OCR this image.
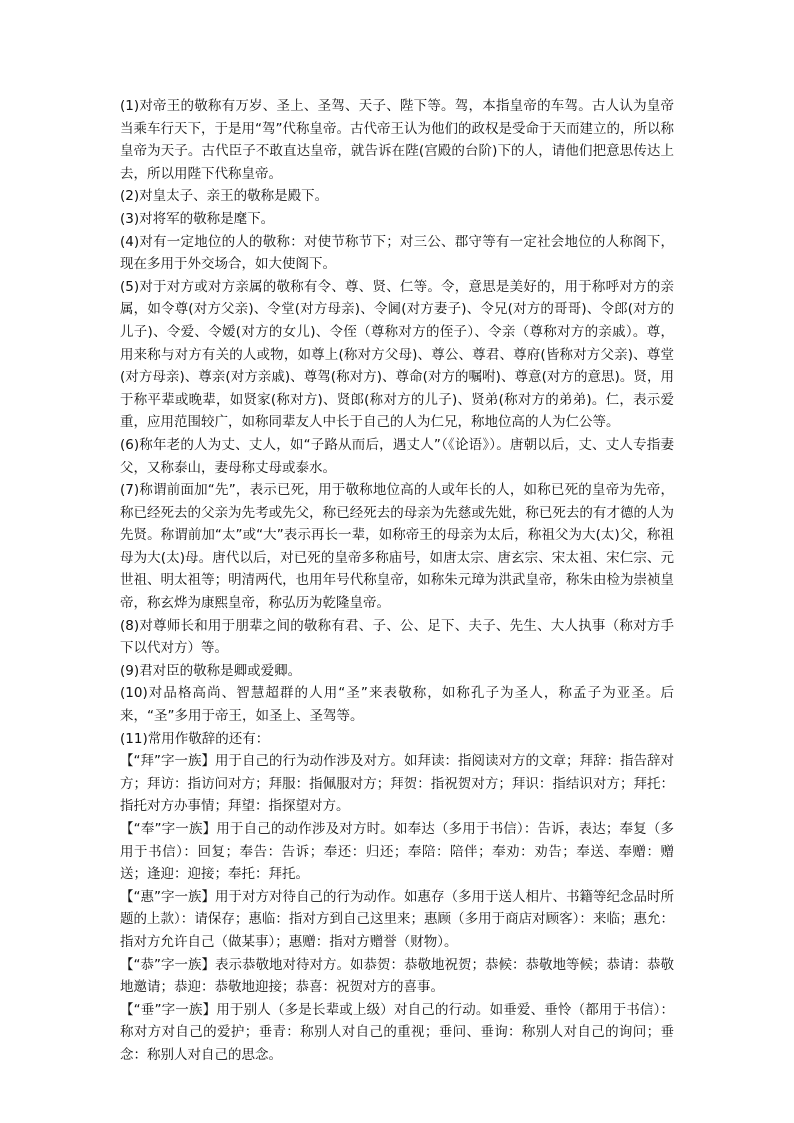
(1)对帝王的敬称有万岁、圣上、圣驾、天子、陛下等。驾，本指皇帝的车驾。古人认为皇帝当乘车行天下，于是用“驾”代称皇帝。古代帝王认为他们的政权是受命于天而建立的，所以称皇帝为天子。古代臣子不敢直达皇帝，就告诉在陛(宫殿的台阶)下的人，请他们把意思传达上去，所以用陛下代称皇帝。

(2)对皇太子、亲王的敬称是殿下。

(3)对将军的敬称是麾下。

(4)对有一定地位的人的敬称：对使节称节下；对三公、郡守等有一定社会地位的人称阁下，现在多用于外交场合，如大使阁下。

(5)对于对方或对方亲属的敬称有令、尊、贤、仁等。令，意思是美好的，用于称呼对方的亲属，如令尊(对方父亲)、令堂(对方母亲)、令阃(对方妻子)、令兄(对方的哥哥)、令郎(对方的儿子)、令爱、令嫒(对方的女儿)、令侄（尊称对方的侄子）、令亲（尊称对方的亲戚）。尊，用来称与对方有关的人或物，如尊上(称对方父母)、尊公、尊君、尊府(皆称对方父亲)、尊堂(对方母亲)、尊亲(对方亲戚)、尊驾(称对方)、尊命(对方的嘱咐)、尊意(对方的意思)。贤，用于称平辈或晚辈，如贤家(称对方)、贤郎(称对方的儿子)、贤弟(称对方的弟弟)。仁，表示爱重，应用范围较广，如称同辈友人中长于自己的人为仁兄，称地位高的人为仁公等。

(6)称年老的人为丈、丈人，如“子路从而后，遇丈人”（《论语》）。唐朝以后，丈、丈人专指妻父，又称泰山，妻母称丈母或泰水。

(7)称谓前面加“先”，表示已死，用于敬称地位高的人或年长的人，如称已死的皇帝为先帝，称已经死去的父亲为先考或先父，称已经死去的母亲为先慈或先妣，称已死去的有才德的人为先贤。称谓前加“太”或“大”表示再长一辈，如称帝王的母亲为太后，称祖父为大(太)父，称祖母为大(太)母。唐代以后，对已死的皇帝多称庙号，如唐太宗、唐玄宗、宋太祖、宋仁宗、元世祖、明太祖等；明清两代，也用年号代称皇帝，如称朱元璋为洪武皇帝，称朱由检为崇祯皇帝，称玄烨为康熙皇帝，称弘历为乾隆皇帝。

(8)对尊师长和用于朋辈之间的敬称有君、子、公、足下、夫子、先生、大人执事（称对方手下以代对方）等。

(9)君对臣的敬称是卿或爱卿。

(10)对品格高尚、智慧超群的人用“圣”来表敬称，如称孔子为圣人，称孟子为亚圣。后来，“圣”多用于帝王，如圣上、圣驾等。

(11)常用作敬辞的还有：

【“拜”字一族】用于自己的行为动作涉及对方。如拜读：指阅读对方的文章；拜辞：指告辞对方；拜访：指访问对方；拜服：指佩服对方；拜贺：指祝贺对方；拜识：指结识对方；拜托：指托对方办事情；拜望：指探望对方。

【“奉”字一族】用于自己的动作涉及对方时。如奉达（多用于书信）：告诉，表达；奉复（多用于书信）：回复；奉告：告诉；奉还：归还；奉陪：陪伴；奉劝：劝告；奉送、奉赠：赠送；逢迎：迎接；奉托：拜托。

【“惠”字一族】用于对方对待自己的行为动作。如惠存（多用于送人相片、书籍等纪念品时所题的上款）：请保存；惠临：指对方到自己这里来；惠顾（多用于商店对顾客）：来临；惠允：指对方允许自己（做某事）；惠赠：指对方赠誉（财物）。

【“恭”字一族】表示恭敬地对待对方。如恭贺：恭敬地祝贺；恭候：恭敬地等候；恭请：恭敬地邀请；恭迎：恭敬地迎接；恭喜：祝贺对方的喜事。

【“垂”字一族】用于别人（多是长辈或上级）对自己的行动。如垂爱、垂怜（都用于书信）：称对方对自己的爱护；垂青：称别人对自己的重视；垂问、垂询：称别人对自己的询问；垂念：称别人对自己的思念。
